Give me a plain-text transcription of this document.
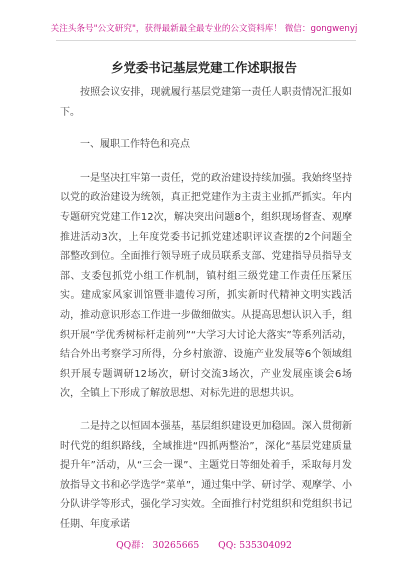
关注头条号"公文研究"，获得最新最全最专业的公文资料库！ 微信：gongwenyj
乡党委书记基层党建工作述职报告

按照会议安排，现就履行基层党建第一责任人职责情况汇报如下。

一、履职工作特色和亮点

一是坚决扛牢第一责任，党的政治建设持续加强。我始终坚持以党的政治建设为统领，真正把党建作为主责主业抓严抓实。年内专题研究党建工作12次，解决突出问题8个，组织现场督查、观摩推进活动3次，上年度党委书记抓党建述职评议查摆的2个问题全部整改到位。全面推行领导班子成员联系支部、党建指导员指导支部、支委包抓党小组工作机制，镇村组三级党建工作责任压紧压实。建成家风家训馆暨非遗传习所，抓实新时代精神文明实践活动，推动意识形态工作进一步做细做实。从提高思想认识入手，组织开展“学优秀树标杆走前列”“大学习大讨论大落实”等系列活动，结合外出考察学习所得，分乡村旅游、设施产业发展等6个领域组织开展专题调研12场次，研讨交流3场次，产业发展座谈会6场次，全镇上下形成了解放思想、对标先进的思想共识。

二是持之以恒固本强基，基层组织建设更加稳固。深入贯彻新时代党的组织路线，全域推进“四抓两整治”，深化“基层党建质量提升年”活动，从“三会一课”、主题党日等细处着手，采取每月发放指导文书和必学选学“菜单”，通过集中学、研讨学、观摩学、小分队讲学等形式，强化学习实效。全面推行村党组织和党组织书记任期、年度承诺

QQ群： 30265665 QQ: 535304092
